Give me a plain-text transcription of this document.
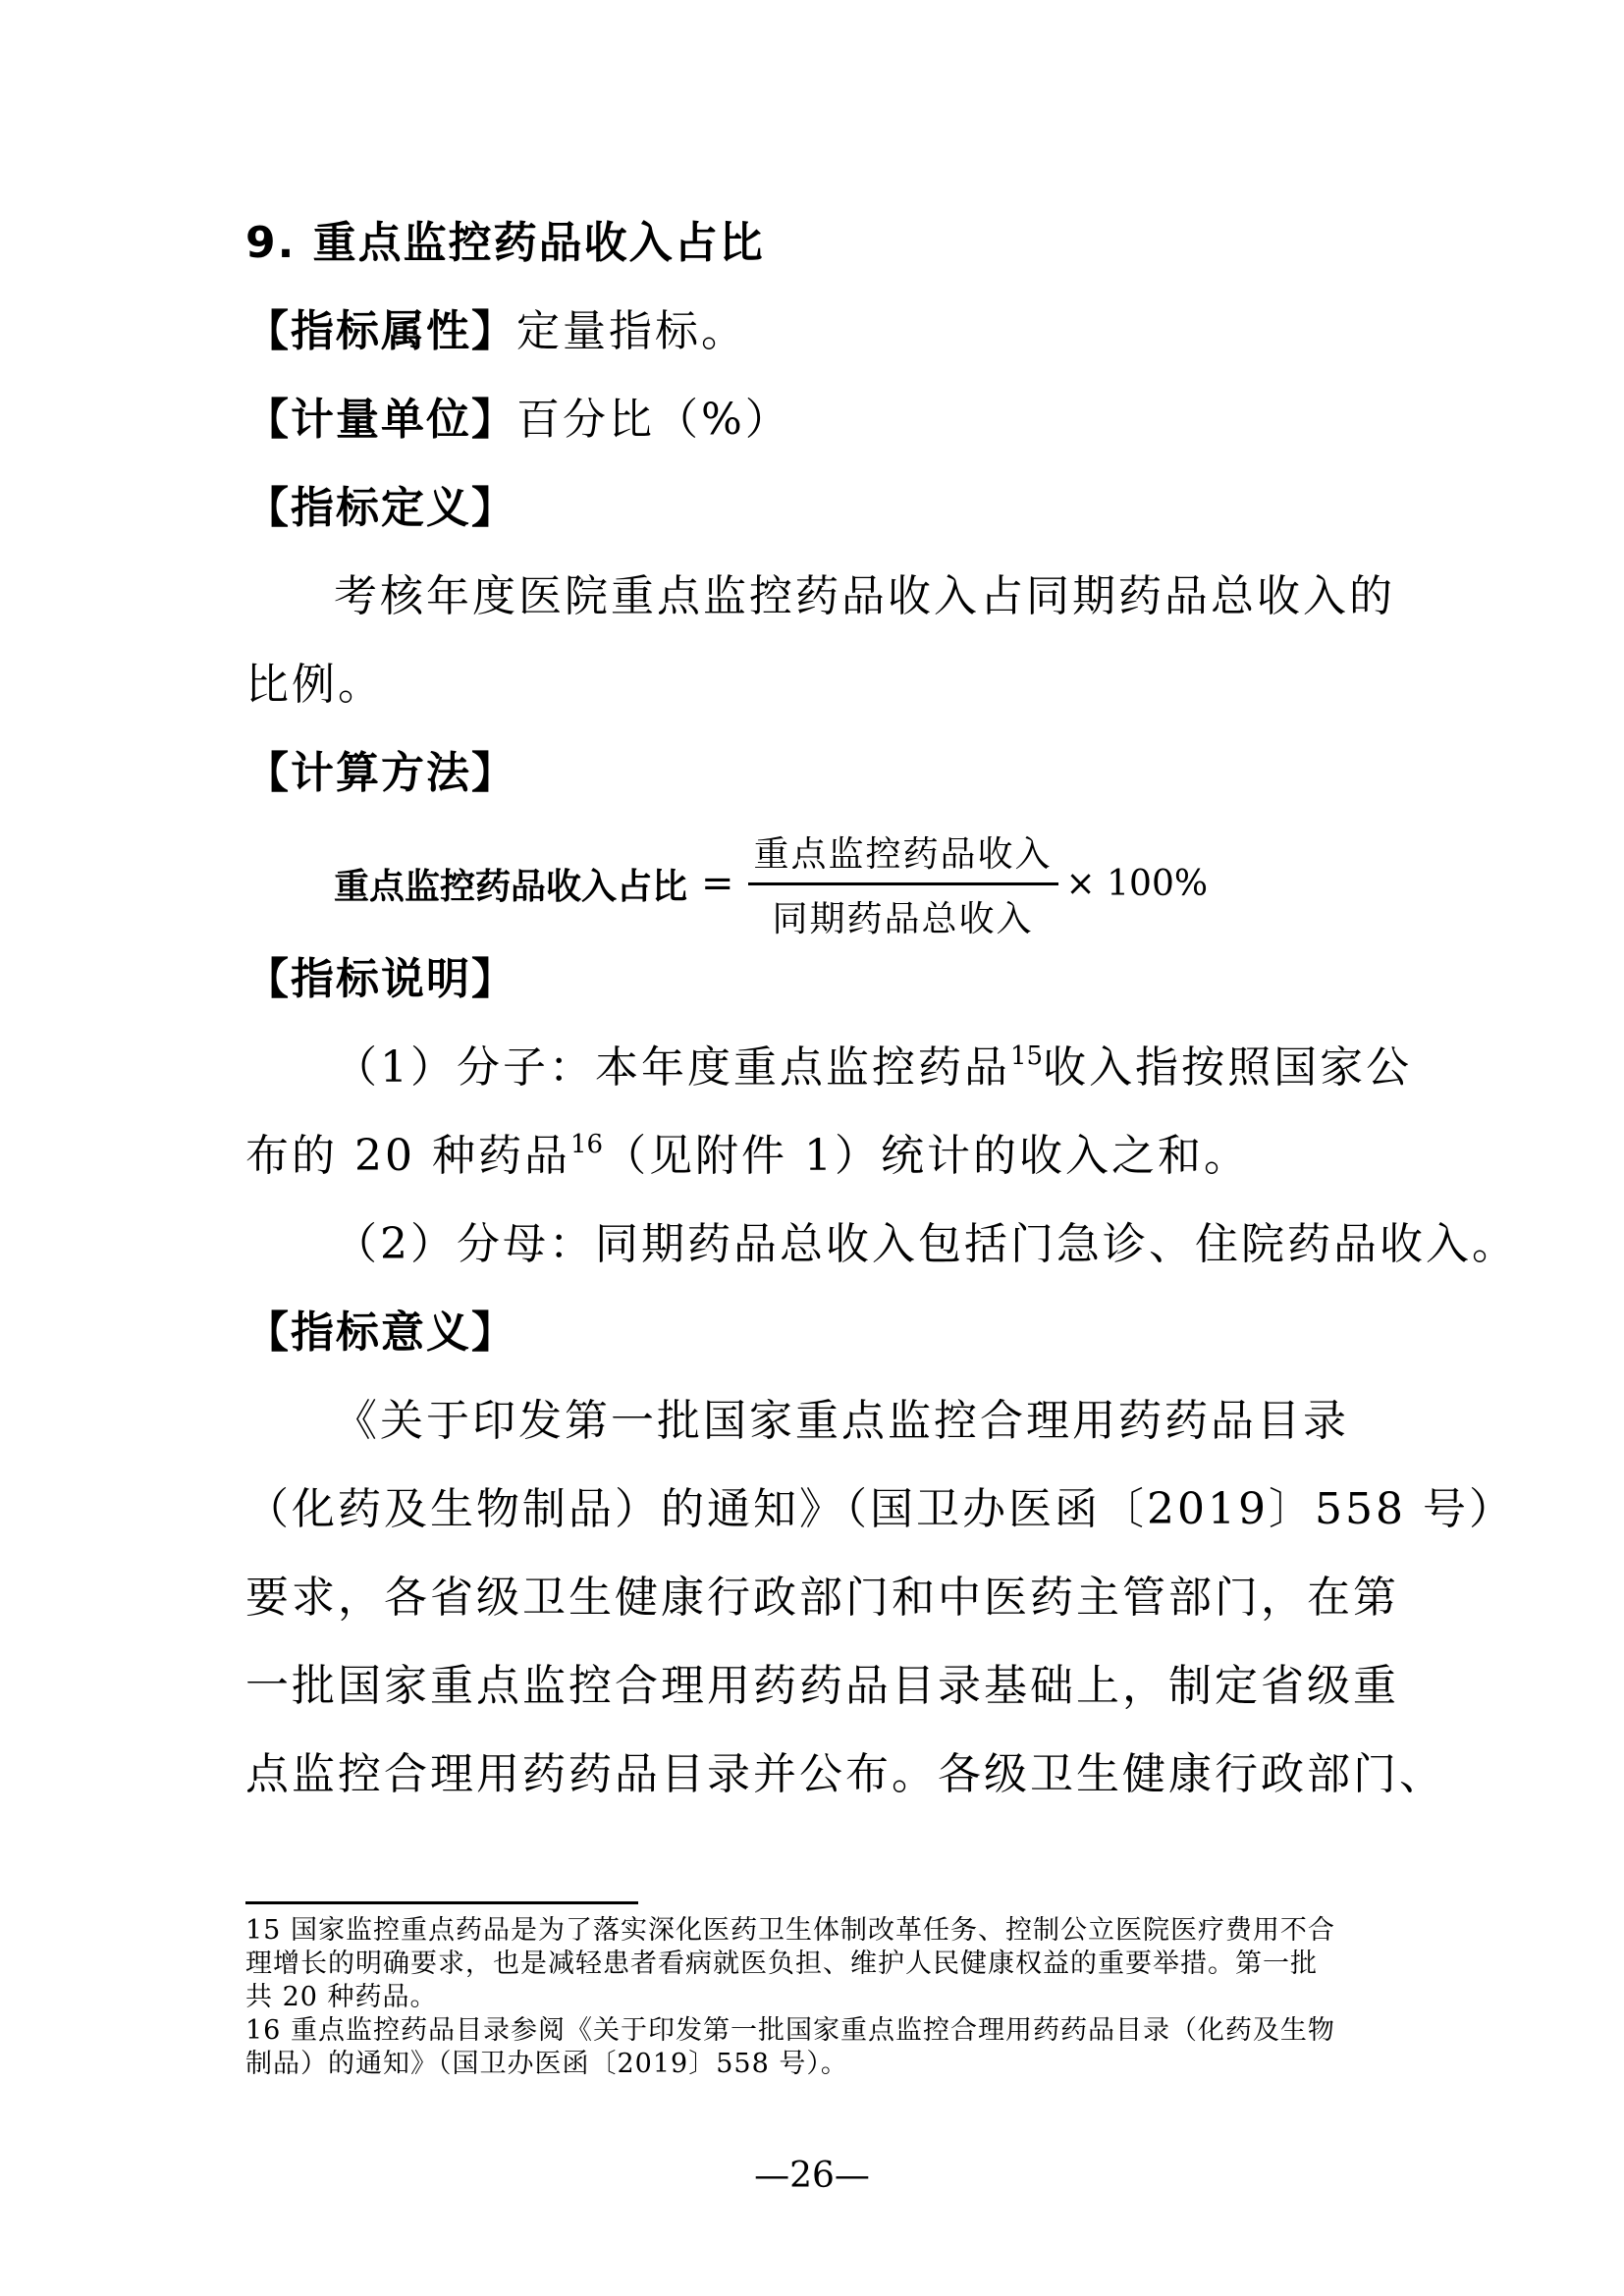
9. 重点监控药品收入占比
【指标属性】定量指标。
【计量单位】百分比（%）
【指标定义】
考核年度医院重点监控药品收入占同期药品总收入的
比例。
【计算方法】
重点监控药品收入占比 = $\frac{\text{重点监控药品收入}}{\text{同期药品总收入}} \times 100\%$
【指标说明】
（1）分子：本年度重点监控药品$^{15}$收入指按照国家公
布的 20 种药品$^{16}$（见附件 1）统计的收入之和。
（2）分母：同期药品总收入包括门急诊、住院药品收入。
【指标意义】
《关于印发第一批国家重点监控合理用药药品目录
（化药及生物制品）的通知》（国卫办医函〔2019〕558 号）
要求，各省级卫生健康行政部门和中医药主管部门，在第
一批国家重点监控合理用药药品目录基础上，制定省级重
点监控合理用药药品目录并公布。各级卫生健康行政部门、
15 国家监控重点药品是为了落实深化医药卫生体制改革任务、控制公立医院医疗费用不合
理增长的明确要求，也是减轻患者看病就医负担、维护人民健康权益的重要举措。第一批
共 20 种药品。
16 重点监控药品目录参阅《关于印发第一批国家重点监控合理用药药品目录（化药及生物
制品）的通知》（国卫办医函〔2019〕558 号）。
—26—
